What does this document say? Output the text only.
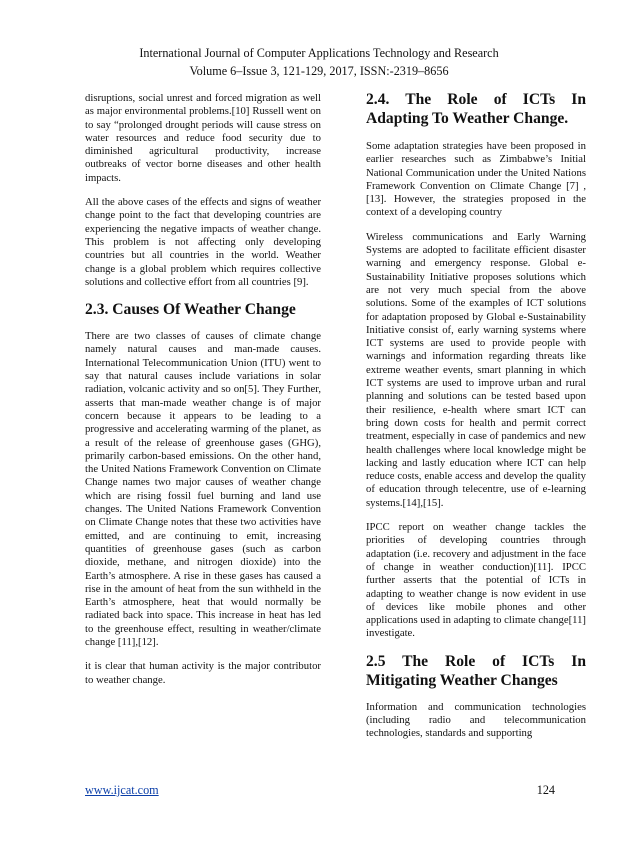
International Journal of Computer Applications Technology and Research
Volume 6–Issue 3, 121-129, 2017, ISSN:-2319–8656

disruptions, social unrest and forced migration as well as major environmental problems.[10] Russell went on to say “prolonged drought periods will cause stress on water resources and reduce food security due to diminished agricultural productivity, increase outbreaks of vector borne diseases and other health impacts.

All the above cases of the effects and signs of weather change point to the fact that developing countries are experiencing the negative impacts of weather change. This problem is not affecting only developing countries but all countries in the world. Weather change is a global problem which requires collective solutions and collective effort from all countries [9].

2.3. Causes Of Weather Change

There are two classes of causes of climate change namely natural causes and man-made causes. International Telecommunication Union (ITU) went to say that natural causes include variations in solar radiation, volcanic activity and so on[5]. They Further, asserts that man-made weather change is of major concern because it appears to be leading to a progressive and accelerating warming of the planet, as a result of the release of greenhouse gases (GHG), primarily carbon-based emissions. On the other hand, the United Nations Framework Convention on Climate Change names two major causes of weather change which are rising fossil fuel burning and land use changes. The United Nations Framework Convention on Climate Change notes that these two activities have emitted, and are continuing to emit, increasing quantities of greenhouse gases (such as carbon dioxide, methane, and nitrogen dioxide) into the Earth’s atmosphere. A rise in these gases has caused a rise in the amount of heat from the sun withheld in the Earth’s atmosphere, heat that would normally be radiated back into space. This increase in heat has led to the greenhouse effect, resulting in weather/climate change [11],[12].

it is clear that human activity is the major contributor to weather change.

2.4. The Role of ICTs In Adapting To Weather Change.

Some adaptation strategies have been proposed in earlier researches such as Zimbabwe’s Initial National Communication under the United Nations Framework Convention on Climate Change [7] ,[13]. However, the strategies proposed in the context of a developing country

Wireless communications and Early Warning Systems are adopted to facilitate efficient disaster warning and emergency response. Global e-Sustainability Initiative proposes solutions which are not very much special from the above solutions. Some of the examples of ICT solutions for adaptation proposed by Global e-Sustainability Initiative consist of, early warning systems where ICT systems are used to provide people with warnings and information regarding threats like extreme weather events, smart planning in which ICT systems are used to improve urban and rural planning and solutions can be tested based upon their resilience, e-health where smart ICT can bring down costs for health and permit correct treatment, especially in case of pandemics and new health challenges where local knowledge might be lacking and lastly education where ICT can help reduce costs, enable access and develop the quality of education through telecentre, use of e-learning systems.[14],[15].

IPCC report on weather change tackles the priorities of developing countries through adaptation (i.e. recovery and adjustment in the face of change in weather conduction)[11]. IPCC further asserts that the potential of ICTs in adapting to weather change is now evident in use of devices like mobile phones and other applications used in adapting to climate change[11] investigate.

2.5 The Role of ICTs In Mitigating Weather Changes

Information and communication technologies (including radio and telecommunication technologies, standards and supporting

www.ijcat.com	124
